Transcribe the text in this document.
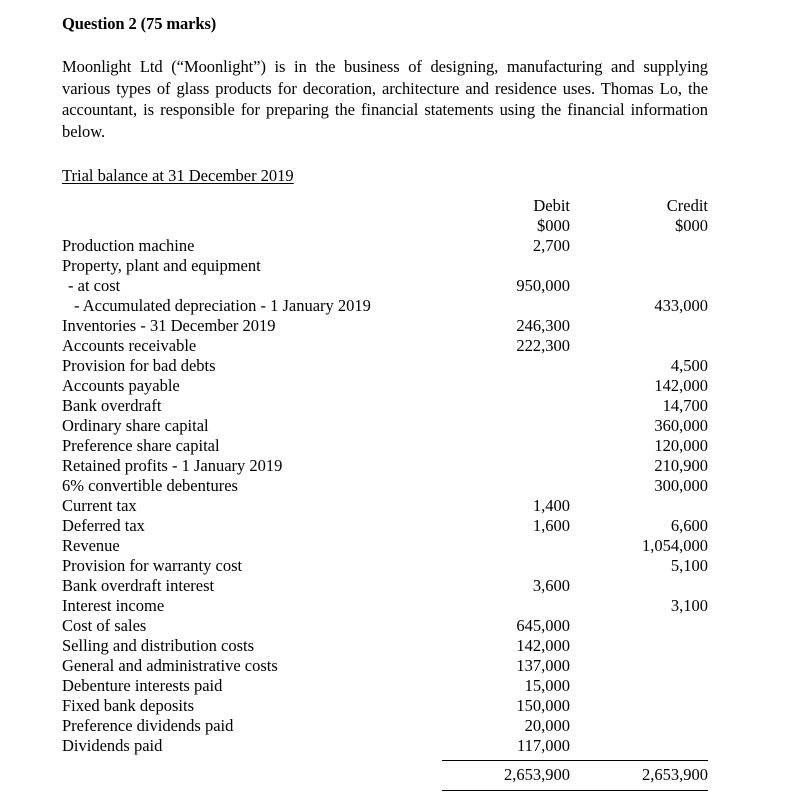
Question 2 (75 marks)

Moonlight Ltd (“Moonlight”) is in the business of designing, manufacturing and supplying various types of glass products for decoration, architecture and residence uses. Thomas Lo, the accountant, is responsible for preparing the financial statements using the financial information below.

Trial balance at 31 December 2019
	Debit		Credit
	$000		$000
Production machine	2,700		
Property, plant and equipment			
- at cost	950,000		
- Accumulated depreciation - 1 January 2019			433,000
Inventories - 31 December 2019	246,300		
Accounts receivable	222,300		
Provision for bad debts			4,500
Accounts payable			142,000
Bank overdraft			14,700
Ordinary share capital			360,000
Preference share capital			120,000
Retained profits - 1 January 2019			210,900
6% convertible debentures			300,000
Current tax	1,400		
Deferred tax	1,600		6,600
Revenue			1,054,000
Provision for warranty cost			5,100
Bank overdraft interest	3,600		
Interest income			3,100
Cost of sales	645,000		
Selling and distribution costs	142,000		
General and administrative costs	137,000		
Debenture interests paid	15,000		
Fixed bank deposits	150,000		
Preference dividends paid	20,000		
Dividends paid	117,000		

	2,653,900		2,653,900
